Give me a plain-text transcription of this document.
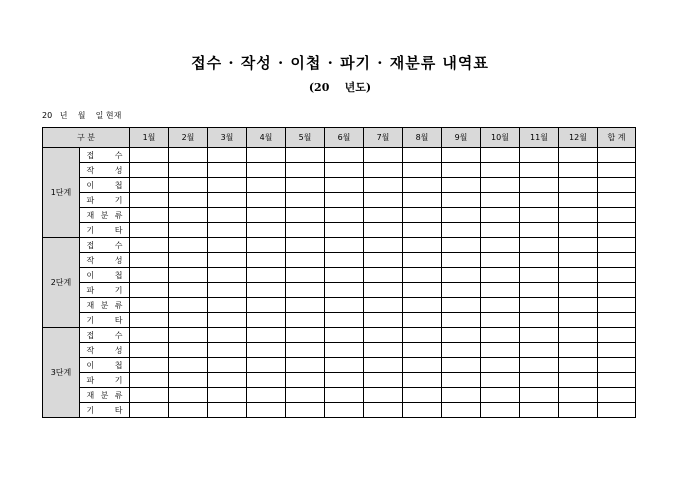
접수 · 작성 · 이첩 · 파기 · 재분류 내역표
(20    년도)
20   년    월    일 현재
구 분		1월	2월	3월	4월	5월	6월	7월	8월	9월	10월	11월	12월	합 계
1단계	접 수													
	작 성													
	이 첩													
	파 기													
	재 분 류													
	기 타													
2단계	접 수													
	작 성													
	이 첩													
	파 기													
	재 분 류													
	기 타													
3단계	접 수													
	작 성													
	이 첩													
	파 기													
	재 분 류													
	기 타													
